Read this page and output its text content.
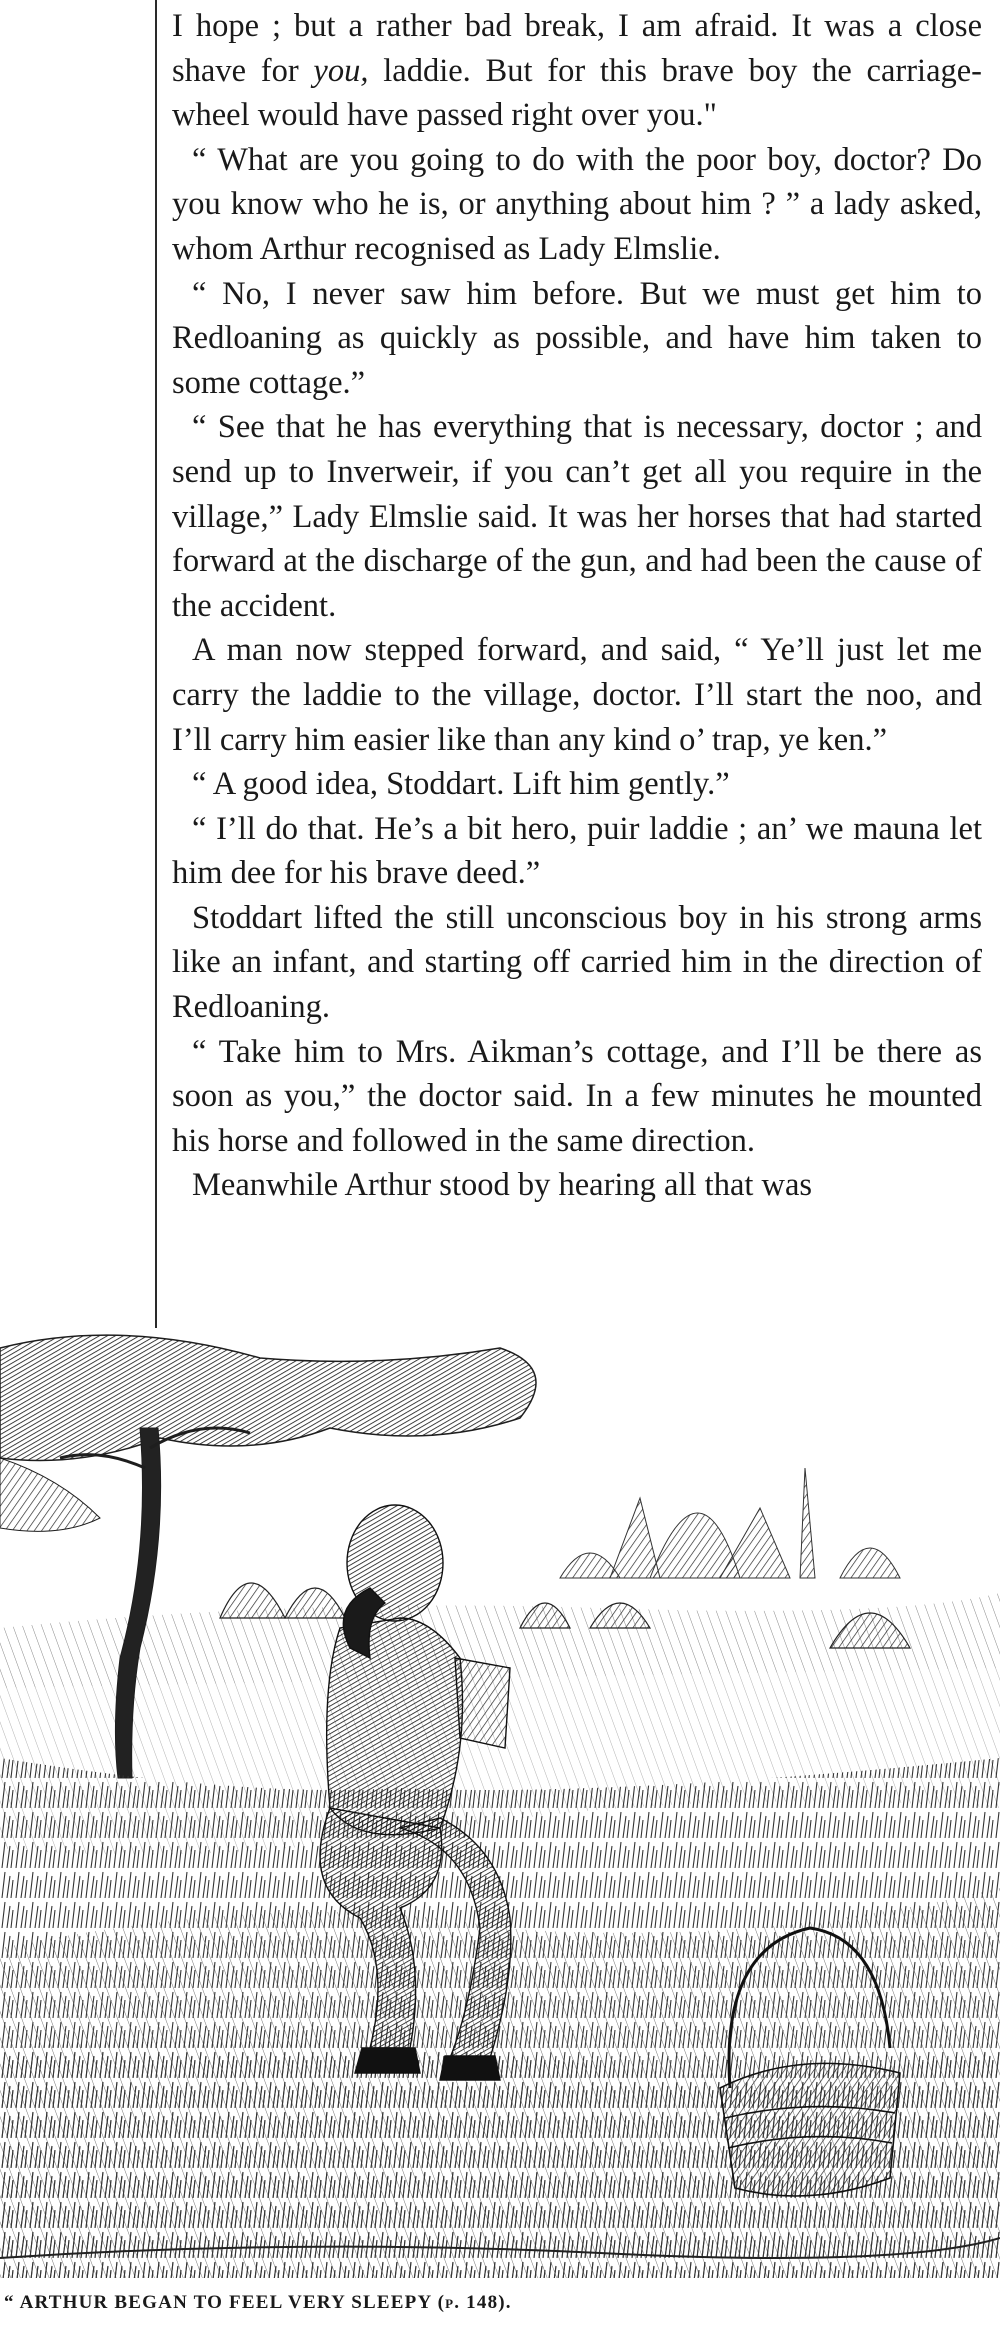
I hope ; but a rather bad break, I am afraid. It was a close shave for you, laddie. But for this brave boy the carriage-wheel would have passed right over you."

“ What are you going to do with the poor boy, doctor? Do you know who he is, or anything about him ? ” a lady asked, whom Arthur recognised as Lady Elmslie.

“ No, I never saw him before. But we must get him to Redloaning as quickly as possible, and have him taken to some cottage.”

“ See that he has everything that is necessary, doctor ; and send up to Inverweir, if you can’t get all you require in the village,” Lady Elmslie said. It was her horses that had started forward at the discharge of the gun, and had been the cause of the accident.

A man now stepped forward, and said, “ Ye’ll just let me carry the laddie to the village, doctor. I’ll start the noo, and I’ll carry him easier like than any kind o’ trap, ye ken.”

“ A good idea, Stoddart. Lift him gently.”

“ I’ll do that. He’s a bit hero, puir laddie ; an’ we mauna let him dee for his brave deed.”

Stoddart lifted the still unconscious boy in his strong arms like an infant, and starting off carried him in the direction of Redloaning.

“ Take him to Mrs. Aikman’s cottage, and I’ll be there as soon as you,” the doctor said. In a few minutes he mounted his horse and followed in the same direction.

Meanwhile Arthur stood by hearing all that was

“ ARTHUR BEGAN TO FEEL VERY SLEEPY (p. 148).
